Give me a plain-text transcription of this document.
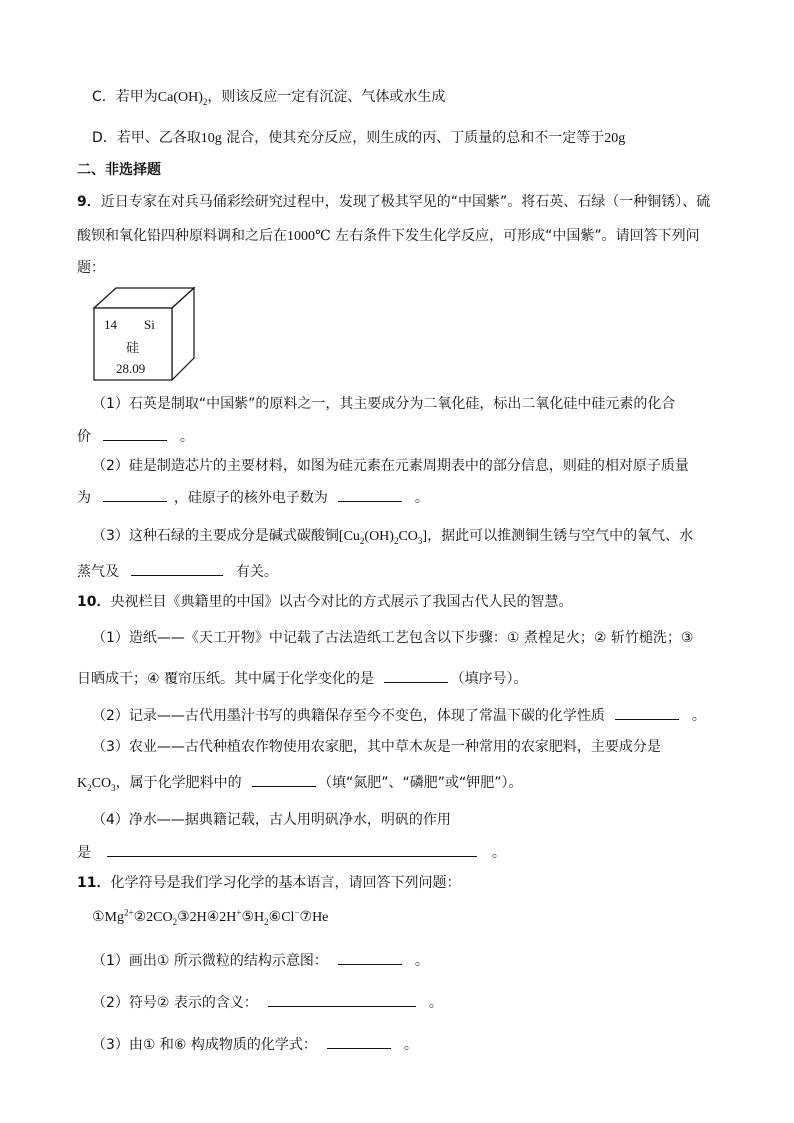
C．若甲为$Ca(OH)_2$，则该反应一定有沉淀、气体或水生成
D．若甲、乙各取10g 混合，使其充分反应，则生成的丙、丁质量的总和不一定等于20g
二、非选择题
9．近日专家在对兵马俑彩绘研究过程中，发现了极其罕见的“中国紫”。将石英、石绿（一种铜锈）、硫
酸钡和氧化铅四种原料调和之后在1000℃ 左右条件下发生化学反应，可形成“中国紫”。请回答下列问
题：
14 Si
硅
28.09
（1）石英是制取“中国紫”的原料之一，其主要成分为二氧化硅，标出二氧化硅中硅元素的化合
价	。
（2）硅是制造芯片的主要材料，如图为硅元素在元素周期表中的部分信息，则硅的相对原子质量
为	，硅原子的核外电子数为	。
（3）这种石绿的主要成分是碱式碳酸铜$[Cu_2(OH)_2CO_3]$，据此可以推测铜生锈与空气中的氧气、水
蒸气及	有关。
10．央视栏目《典籍里的中国》以古今对比的方式展示了我国古代人民的智慧。
（1）造纸——《天工开物》中记载了古法造纸工艺包含以下步骤：① 煮楻足火；② 斩竹槌洗；③
日晒成干；④ 覆帘压纸。其中属于化学变化的是	（填序号）。
（2）记录——古代用墨汁书写的典籍保存至今不变色，体现了常温下碳的化学性质	。
（3）农业——古代种植农作物使用农家肥，其中草木灰是一种常用的农家肥料，主要成分是
$K_2CO_3$，属于化学肥料中的	（填“氮肥”、“磷肥”或“钾肥”）。
（4）净水——据典籍记载，古人用明矾净水，明矾的作用
是	。
11．化学符号是我们学习化学的基本语言，请回答下列问题：
$①Mg^{2+}②2CO_2③2H④2H^+⑤H_2⑥Cl^-⑦He$
（1）画出① 所示微粒的结构示意图：	。
（2）符号② 表示的含义：	。
（3）由① 和⑥ 构成物质的化学式：	。
